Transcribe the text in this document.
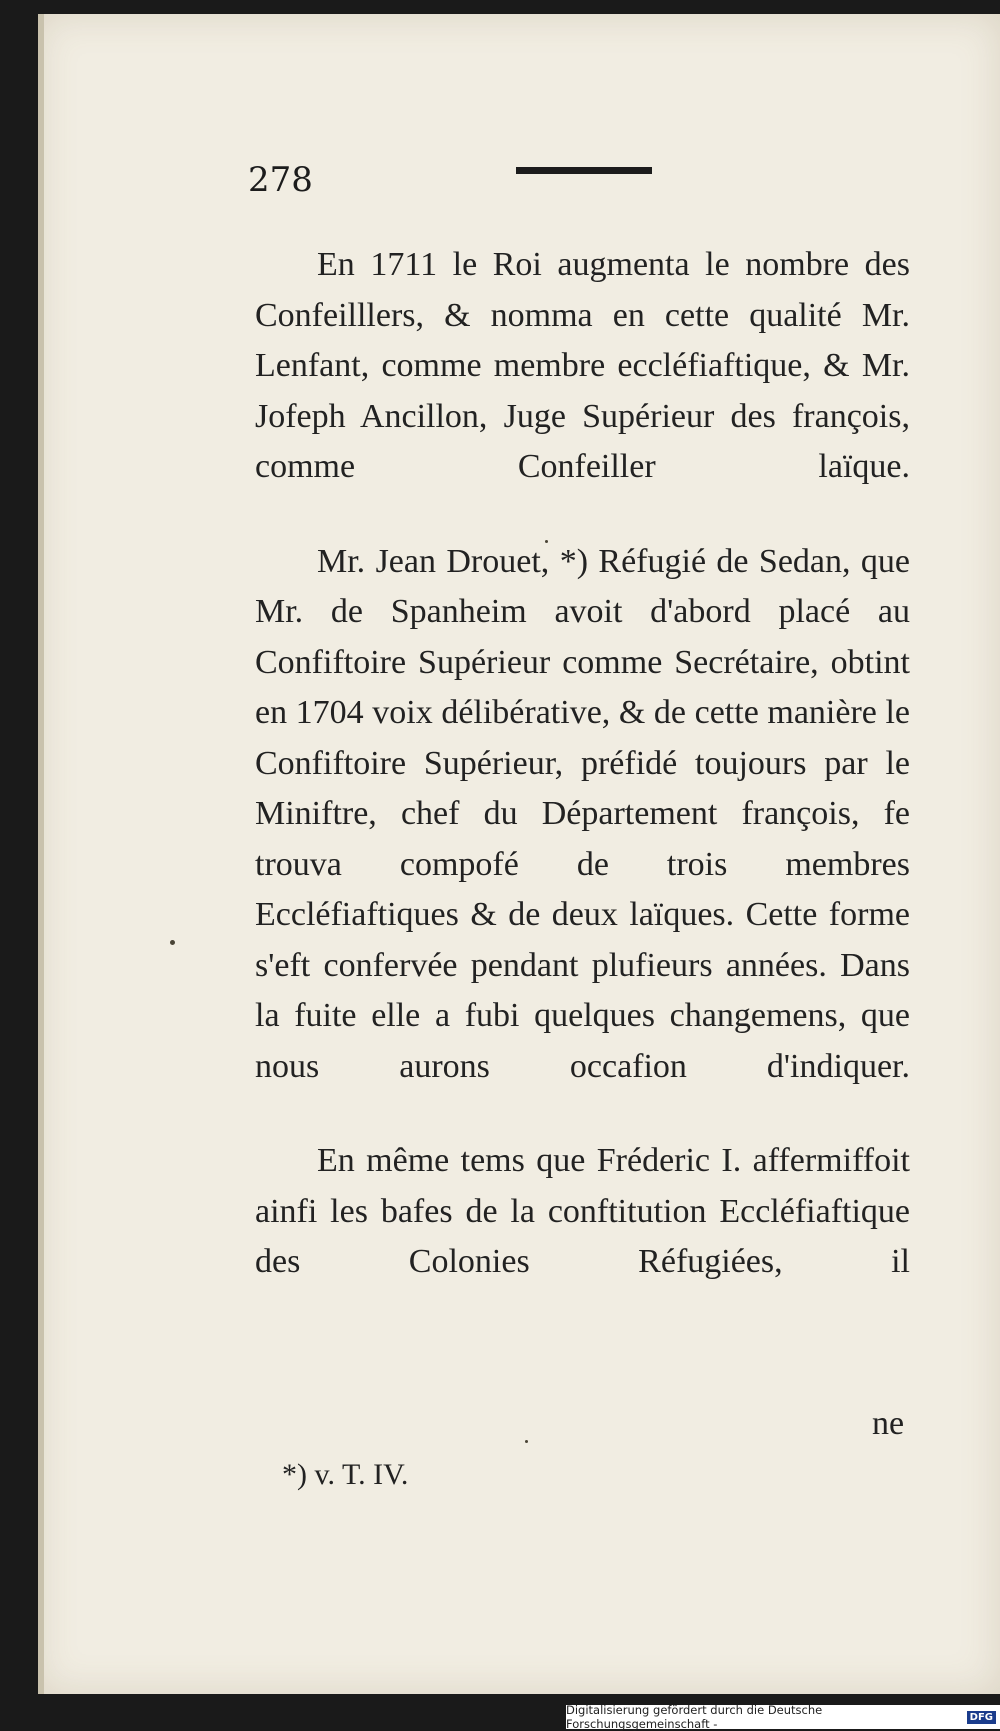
278

En 1711 le Roi augmenta le nombre des Confeilllers, & nomma en cette qualité Mr. Lenfant, comme membre eccléfiaftique, & Mr. Jofeph Ancillon, Juge Supérieur des françois, comme Confeiller laïque.

Mr. Jean Drouet, *) Réfugié de Sedan, que Mr. de Spanheim avoit d'abord placé au Confiftoire Supérieur comme Secrétaire, obtint en 1704 voix délibérative, & de cette manière le Confiftoire Supérieur, préfidé toujours par le Miniftre, chef du Département françois, fe trouva compofé de trois membres Eccléfiaftiques & de deux laïques. Cette forme s'eft confervée pendant plufieurs années. Dans la fuite elle a fubi quelques changemens, que nous aurons occafion d'indiquer.

En même tems que Fréderic I. affermiffoit ainfi les bafes de la conftitution Eccléfiaftique des Colonies Réfugiées, il

ne
*) v. T. IV.
Digitalisierung gefördert durch die Deutsche Forschungsgemeinschaft -	DFG
